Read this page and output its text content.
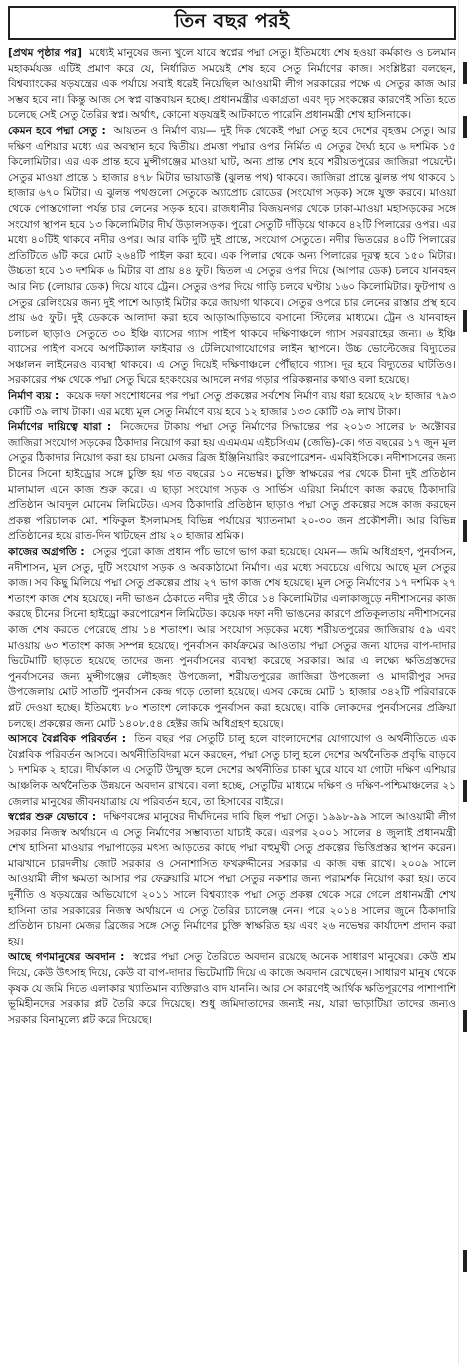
তিন বছর পরই

[প্রথম পৃষ্ঠার পর] মধ্যেই মানুষের জন্য খুলে যাবে স্বপ্নের পদ্মা সেতু। ইতিমধ্যে শেষ হওয়া কর্মকাণ্ড ও চলমান মহাকর্মযজ্ঞ এটিই প্রমাণ করে যে, নির্ধারিত সময়েই শেষ হবে সেতু নির্মাণের কাজ। সংশ্লিষ্টরা বলছেন, বিশ্বব্যাংকের ষড়যন্ত্রের এক পর্যায়ে সবাই ধরেই নিয়েছিল আওয়ামী লীগ সরকারের পক্ষে এ সেতুর কাজ আর সম্ভব হবে না। কিন্তু আজ সে স্বপ্ন বাস্তবায়ন হচ্ছে। প্রধানমন্ত্রীর একাগ্রতা এবং দৃঢ় সংকল্পের কারণেই সত্যি হতে চলেছে সেই সেতু তৈরির স্বপ্ন। অর্থাৎ, কোনো ষড়যন্ত্রই আটকাতে পারেনি প্রধানমন্ত্রী শেখ হাসিনাকে।

কেমন হবে পদ্মা সেতু : আয়তন ও নির্মাণ ব্যয়— দুই দিক থেকেই পদ্মা সেতু হবে দেশের বৃহত্তম সেতু। আর দক্ষিণ এশিয়ার মধ্যে এর অবস্থান হবে দ্বিতীয়। প্রমত্তা পদ্মার ওপর নির্মিত এ সেতুর দৈর্ঘ্য হবে ৬ দশমিক ১৫ কিলোমিটার। এর এক প্রান্ত হবে মুন্সীগঞ্জের মাওয়া ঘাট, অন্য প্রান্ত শেষ হবে শরীয়তপুরের জাজিরা পয়েন্টে। সেতুর মাওয়া প্রান্তে ১ হাজার ৪৭৮ মিটার ভায়াডাক্ট (ঝুলন্ত পথ) থাকবে। জাজিরা প্রান্তে ঝুলন্ত পথ থাকবে ১ হাজার ৬৭০ মিটার। এ ঝুলন্ত পথগুলো সেতুকে অ্যাপ্রোচ রোডের (সংযোগ সড়ক) সঙ্গে যুক্ত করবে। মাওয়া থেকে পোস্তগোলা পর্যন্ত চার লেনের সড়ক হবে। রাজধানীর বিজয়নগর থেকে ঢাকা-মাওয়া মহাসড়কের সঙ্গে সংযোগ স্থাপন হবে ১৩ কিলোমিটার দীর্ঘ উড়ালসড়ক। পুরো সেতুটি দাঁড়িয়ে থাকবে ৪২টি পিলারের ওপর। এর মধ্যে ৪০টিই থাকবে নদীর ওপর। আর বাকি দুটি দুই প্রান্তে, সংযোগ সেতুতে। নদীর ভিতরের ৪০টি পিলারের প্রতিটিতে ৬টি করে মোট ২৬৪টি পাইল করা হবে। এক পিলার থেকে অন্য পিলারের দূরত্ব হবে ১৫০ মিটার। উচ্চতা হবে ১৩ দশমিক ৬ মিটার বা প্রায় ৪৪ ফুট। দ্বিতল এ সেতুর ওপর দিয়ে (আপার ডেক) চলবে যানবহন আর নিচ (লোয়ার ডেক) দিয়ে যাবে ট্রেন। সেতুর ওপর দিয়ে গাড়ি চলবে ঘণ্টায় ১৬০ কিলোমিটার। ফুটপাথ ও সেতুর রেলিংয়ের জন্য দুই পাশে আড়াই মিটার করে জায়গা থাকবে। সেতুর ওপরে চার লেনের রাস্তার প্রস্থ হবে প্রায় ৬৫ ফুট। দুই ডেককে আলাদা করা হবে আড়াআড়িভাবে বসানো স্টিলের মাধ্যমে। ট্রেন ও যানবাহন চলাচল ছাড়াও সেতুতে ৩০ ইঞ্চি ব্যাসের গ্যাস পাইপ থাকবে দক্ষিণাঞ্চলে গ্যাস সরবরাহের জন্য। ৬ ইঞ্চি ব্যাসের পাইপ বসবে অপটিক্যাল ফাইবার ও টেলিযোগাযোগের লাইন স্থাপনে। উচ্চ ভোল্টেজের বিদ্যুতের সঞ্চালন লাইনেরও ব্যবস্থা থাকবে। এ সেতু দিয়েই দক্ষিণাঞ্চলে পৌঁছাবে গ্যাস। দূর হবে বিদ্যুতের ঘাটতিও। সরকারের পক্ষ থেকে পদ্মা সেতু ঘিরে হংকংয়ের আদলে নগর গড়ার পরিকল্পনার কথাও বলা হয়েছে।

নির্মাণ ব্যয় : কয়েক দফা সংশোধনের পর পদ্মা সেতু প্রকল্পের সর্বশেষ নির্মাণ ব্যয় ধরা হয়েছে ২৮ হাজার ৭৯৩ কোটি ৩৯ লাখ টাকা। এর মধ্যে মূল সেতু নির্মাণে ব্যয় হবে ১২ হাজার ১৩৩ কোটি ৩৯ লাখ টাকা।

নির্মাণের দায়িত্বে যারা : নিজেদের টাকায় পদ্মা সেতু নির্মাণের সিদ্ধান্তের পর ২০১৩ সালের ৮ অক্টোবর জাজিরা সংযোগ সড়কের ঠিকাদার নিয়োগ করা হয় এএমএম এইচসিএম (জেভি)-কে। গত বছরের ১৭ জুন মূল সেতুর ঠিকাদার নিয়োগ করা হয় চায়না মেজর ব্রিজ ইঞ্জিনিয়ারিং করপোরেশন- এমবিইসিকে। নদীশাসনের জন্য চীনের সিনো হাইড্রোর সঙ্গে চুক্তি হয় গত বছরের ১০ নভেম্বর। চুক্তি স্বাক্ষরের পর থেকে চীনা দুই প্রতিষ্ঠান মালামাল এনে কাজ শুরু করে। এ ছাড়া সংযোগ সড়ক ও সার্ভিস এরিয়া নির্মাণে কাজ করছে ঠিকাদারি প্রতিষ্ঠান আবদুল মোনেম লিমিটেড। এসব ঠিকাদারি প্রতিষ্ঠান ছাড়াও পদ্মা সেতু প্রকল্পের সঙ্গে কাজ করছেন প্রকল্প পরিচালক মো. শফিকুল ইসলামসহ বিভিন্ন পর্যায়ের খ্যাতনামা ২০-৩০ জন প্রকৌশলী। আর বিভিন্ন প্রতিষ্ঠানের হয়ে রাত-দিন খাটছেন প্রায় ২০ হাজার শ্রমিক।

কাজের অগ্রগতি : সেতুর পুরো কাজ প্রধান পাঁচ ভাগে ভাগ করা হয়েছে। যেমন— জমি অধিগ্রহণ, পুনর্বাসন, নদীশাসন, মূল সেতু, দুটি সংযোগ সড়ক ও অবকাঠামো নির্মাণ। এর মধ্যে সবচেয়ে এগিয়ে আছে মূল সেতুর কাজ। সব কিছু মিলিয়ে পদ্মা সেতু প্রকল্পের প্রায় ২৭ ভাগ কাজ শেষ হয়েছে। মূল সেতু নির্মাণের ১৭ দশমিক ২৭ শতাংশ কাজ শেষ হয়েছে। নদী ভাঙন ঠেকাতে নদীর দুই তীরে ১৪ কিলোমিটার এলাকাজুড়ে নদীশাসনের কাজ করছে চীনের সিনো হাইড্রো করপোরেশন লিমিটেড। কয়েক দফা নদী ভাঙনের কারণে প্রতিকূলতায় নদীশাসনের কাজ শেষ করতে পেরেছে প্রায় ১৪ শতাংশ। আর সংযোগ সড়কের মধ্যে শরীয়তপুরের জাজিরায় ৫৯ এবং মাওয়ায় ৬৩ শতাংশ কাজ সম্পন্ন হয়েছে। পুনর্বাসন কার্যক্রমের আওতায় পদ্মা সেতুর জন্য যাদের বাপ-দাদার ভিটেমাটি ছাড়তে হয়েছে তাদের জন্য পুনর্বাসনের ব্যবস্থা করেছে সরকার। আর এ লক্ষ্যে ক্ষতিগ্রস্তদের পুনর্বাসনের জন্য মুন্সীগঞ্জের লৌহজং উপজেলা, শরীয়তপুরের জাজিরা উপজেলা ও মাদারীপুর সদর উপজেলায় মোট সাতটি পুনর্বাসন কেন্দ্র গড়ে তোলা হয়েছে। এসব কেন্দ্রে মোট ১ হাজার ৩৪২টি পরিবারকে প্লট দেওয়া হচ্ছে। ইতিমধ্যে ৮০ শতাংশ লোককে পুনর্বাসন করা হয়েছে। বাকি লোকদের পুনর্বাসনের প্রক্রিয়া চলছে। প্রকল্পের জন্য মোট ১৪০৮.৫৪ হেক্টর জমি অধিগ্রহণ হয়েছে।

আসবে বৈপ্লবিক পরিবর্তন : তিন বছর পর সেতুটি চালু হলে বাংলাদেশের যোগাযোগ ও অর্থনীতিতে এক বৈপ্লবিক পরিবর্তন আসবে। অর্থনীতিবিদরা মনে করছেন, পদ্মা সেতু চালু হলে দেশের অর্থনৈতিক প্রবৃদ্ধি বাড়বে ১ দশমিক ২ হারে। দীর্ঘকাল এ সেতুটি উন্মুক্ত হলে দেশের অর্থনীতির চাকা ঘুরে যাবে যা গোটা দক্ষিণ এশিয়ার আঞ্চলিক অর্থনৈতিক উন্নয়নে অবদান রাখবে। বলা হচ্ছে, সেতুটির মাধ্যমে দক্ষিণ ও দক্ষিণ-পশ্চিমাঞ্চলের ২১ জেলার মানুষের জীবনযাত্রায় যে পরিবর্তন হবে, তা হিসাবের বাইরে।

স্বপ্নের শুরু যেভাবে : দক্ষিণবঙ্গের মানুষের দীর্ঘদিনের দাবি ছিল পদ্মা সেতু। ১৯৯৮-৯৯ সালে আওয়ামী লীগ সরকার নিজস্ব অর্থায়নে এ সেতু নির্মাণের সম্ভাব্যতা যাচাই করে। এরপর ২০০১ সালের ৪ জুলাই প্রধানমন্ত্রী শেখ হাসিনা মাওয়ার পদ্মাপাড়ের মৎস্য আড়তের কাছে পদ্মা বহুমুখী সেতু প্রকল্পের ভিত্তিপ্রস্তর স্থাপন করেন। মাঝখানে চারদলীয় জোট সরকার ও সেনাশাসিত ফখরুদ্দীনের সরকার এ কাজ বন্ধ রাখে। ২০০৯ সালে আওয়ামী লীগ ক্ষমতা আসার পর ফেব্রুয়ারি মাসে পদ্মা সেতুর নকশার জন্য পরামর্শক নিয়োগ করা হয়। তবে দুর্নীতি ও ষড়যন্ত্রের অভিযোগে ২০১১ সালে বিশ্বব্যাংক পদ্মা সেতু প্রকল্প থেকে সরে গেলে প্রধানমন্ত্রী শেখ হাসিনা তার সরকারের নিজস্ব অর্থায়নে এ সেতু তৈরির চ্যালেঞ্জ নেন। পরে ২০১৪ সালের জুনে ঠিকাদারি প্রতিষ্ঠান চায়না মেজর ব্রিজের সঙ্গে সেতু নির্মাণের চুক্তি স্বাক্ষরিত হয় এবং ২৬ নভেম্বর কার্যাদেশ প্রদান করা হয়।

আছে গণমানুষের অবদান : স্বপ্নের পদ্মা সেতু তৈরিতে অবদান রয়েছে অনেক সাধারণ মানুষের। কেউ শ্রম দিয়ে, কেউ উৎসাহ দিয়ে, কেউ বা বাপ-দাদার ভিটেমাটি দিয়ে এ কাজে অবদান রেখেছেন। সাধারণ মানুষ থেকে কৃষক যে জমি দিতে এলাকার খ্যাতিমান ব্যক্তিরাও বাদ যাননি। আর সে কারণেই আর্থিক ক্ষতিপূরণের পাশাপাশি ভূমিহীনদের সরকার প্লট তৈরি করে দিয়েছে। শুধু জমিদাতাদের জন্যই নয়, যারা ভাড়াটিয়া তাদের জন্যও সরকার বিনামূল্যে প্লট করে দিয়েছে।
